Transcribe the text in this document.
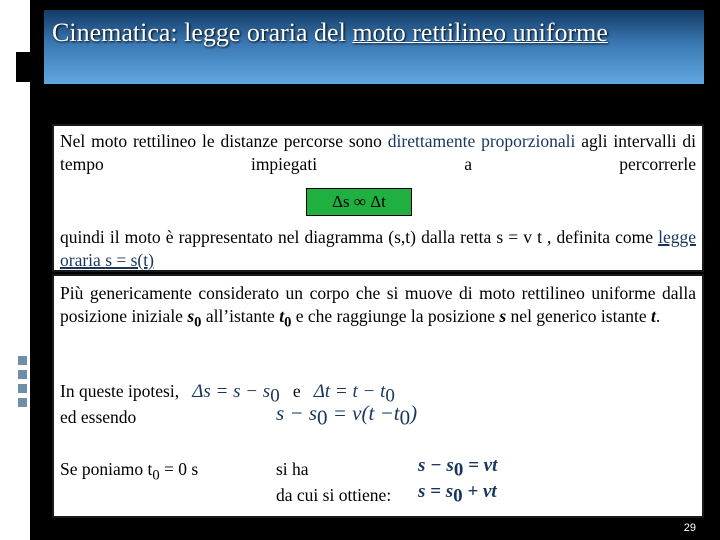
Cinematica: legge oraria del moto rettilineo uniforme

Nel moto rettilineo le distanze percorse sono direttamente proporzionali agli intervalli di tempo impiegati a percorrerle

Δs ∞ Δt

quindi il moto è rappresentato nel diagramma (s,t) dalla retta s = v t , definita come legge oraria s = s(t)

Più genericamente considerato un corpo che si muove di moto rettilineo uniforme dalla posizione iniziale $s_0$ all’istante $t_0$ e che raggiunge la posizione s nel generico istante t.

In queste ipotesi, $\Delta s = s - s_0$ e $\Delta t = t - t_0$

ed essendo	$s - s_0 = v(t -t_0)$

Se poniamo $t_0 = 0$ s	si ha	$s - s_0$ = vt

da cui si ottiene: $s = s_0$ + vt

29
